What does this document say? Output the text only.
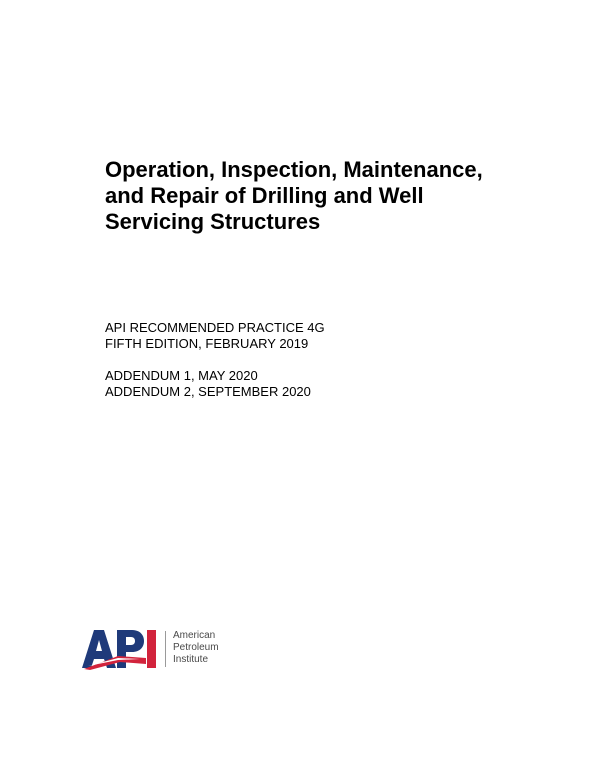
Operation, Inspection, Maintenance,
and Repair of Drilling and Well
Servicing Structures
API RECOMMENDED PRACTICE 4G
FIFTH EDITION, FEBRUARY 2019
ADDENDUM 1, MAY 2020
ADDENDUM 2, SEPTEMBER 2020
American
Petroleum
Institute
